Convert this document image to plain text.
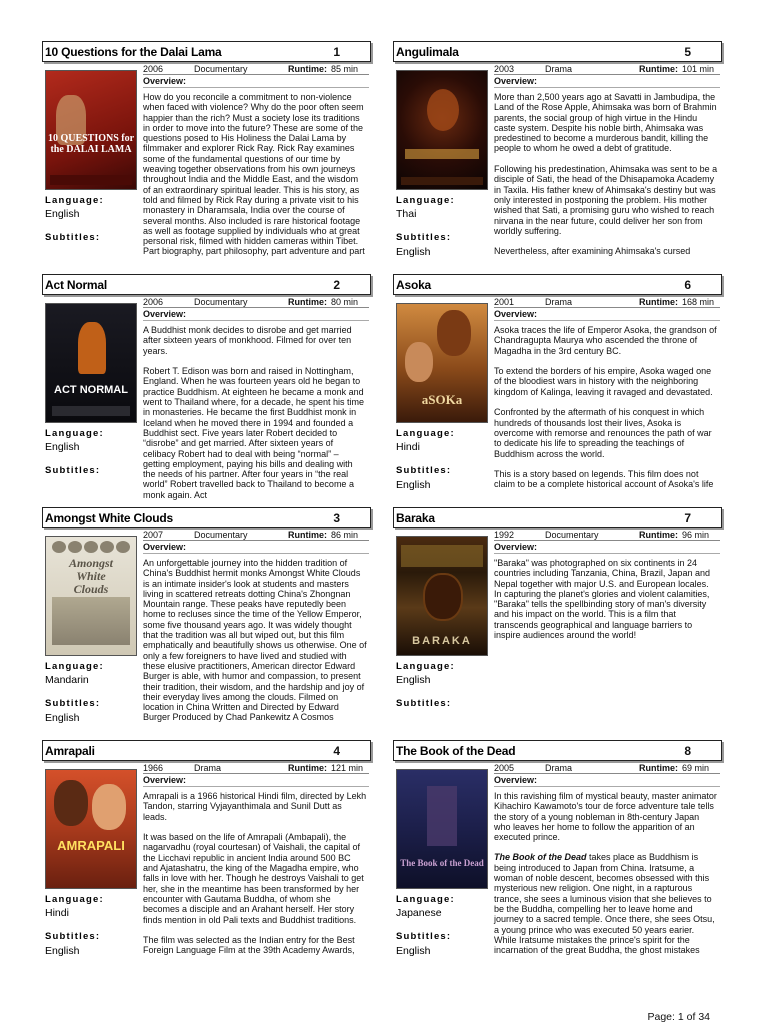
10 Questions for the Dalai Lama	1
10 QUESTIONS for the DALAI LAMA
2006	Documentary	Runtime: 85 min
Overview:
How do you reconcile a commitment to non-violence when faced with violence? Why do the poor often seem happier than the rich? Must a society lose its traditions in order to move into the future? These are some of the questions posed to His Holiness the Dalai Lama by filmmaker and explorer Rick Ray. Rick Ray examines some of the fundamental questions of our time by weaving together observations from his own journeys throughout India and the Middle East, and the wisdom of an extraordinary spiritual leader. This is his story, as told and filmed by Rick Ray during a private visit to his monastery in Dharamsala, India over the course of several months. Also included is rare historical footage as well as footage supplied by individuals who at great personal risk, filmed with hidden cameras within Tibet. Part biography, part philosophy, part adventure and part
Language:
English
Subtitles:
Angulimala	5
2003	Drama	Runtime: 101 min
Overview:
More than 2,500 years ago at Savatti in Jambudipa, the Land of the Rose Apple, Ahimsaka was born of Brahmin parents, the social group of high virtue in the Hindu caste system. Despite his noble birth, Ahimsaka was predestined to become a murderous bandit, killing the people to whom he owed a debt of gratitude.

Following his predestination, Ahimsaka was sent to be a disciple of Sati, the head of the Dhisapamoka Academy in Taxila. His father knew of Ahimsaka's destiny but was only interested in postponing the problem. His mother wished that Sati, a promising guru who wished to reach nirvana in the near future, could deliver her son from worldly suffering.

Nevertheless, after examining Ahimsaka's cursed
Language:
Thai
Subtitles:
English
Act Normal	2
ACT NORMAL
2006	Documentary	Runtime: 80 min
Overview:
A Buddhist monk decides to disrobe and get married after sixteen years of monkhood. Filmed for over ten years.

Robert T. Edison was born and raised in Nottingham, England. When he was fourteen years old he began to practice Buddhism. At eighteen he became a monk and went to Thailand where, for a decade, he spent his time in monasteries. He became the first Buddhist monk in Iceland when he moved there in 1994 and founded a Buddhist sect. Five years later Robert decided to “disrobe” and get married. After sixteen years of celibacy Robert had to deal with being “normal” – getting employment, paying his bills and dealing with the needs of his partner. After four years in “the real world” Robert travelled back to Thailand to become a monk again. Act
Language:
English
Subtitles:
Asoka	6
aSOKa
2001	Drama	Runtime: 168 min
Overview:
Asoka traces the life of Emperor Asoka, the grandson of Chandragupta Maurya who ascended the throne of Magadha in the 3rd century BC.

To extend the borders of his empire, Asoka waged one of the bloodiest wars in history with the neighboring kingdom of Kalinga, leaving it ravaged and devastated.

Confronted by the aftermath of his conquest in which hundreds of thousands lost their lives, Asoka is overcome with remorse and renounces the path of war to dedicate his life to spreading the teachings of Buddhism across the world.

This is a story based on legends. This film does not claim to be a complete historical account of Asoka's life
Language:
Hindi
Subtitles:
English
Amongst White Clouds	3
Amongst White Clouds
2007	Documentary	Runtime: 86 min
Overview:
An unforgettable journey into the hidden tradition of China's Buddhist hermit monks Amongst White Clouds is an intimate insider's look at students and masters living in scattered retreats dotting China's Zhongnan Mountain range. These peaks have reputedly been home to recluses since the time of the Yellow Emperor, some five thousand years ago. It was widely thought that the tradition was all but wiped out, but this film emphatically and beautifully shows us otherwise. One of only a few foreigners to have lived and studied with these elusive practitioners, American director Edward Burger is able, with humor and compassion, to present their tradition, their wisdom, and the hardship and joy of their everyday lives among the clouds. Filmed on location in China Written and Directed by Edward Burger Produced by Chad Pankewitz A Cosmos
Language:
Mandarin
Subtitles:
English
Baraka	7
BARAKA
1992	Documentary	Runtime: 96 min
Overview:
"Baraka" was photographed on six continents in 24 countries including Tanzania, China, Brazil, Japan and Nepal together with major U.S. and European locales. In capturing the planet's glories and violent calamities, "Baraka" tells the spellbinding story of man's diversity and his impact on the world. This is a film that transcends geographical and language barriers to inspire audiences around the world!
Language:
English
Subtitles:
Amrapali	4
AMRAPALI
1966	Drama	Runtime: 121 min
Overview:
Amrapali is a 1966 historical Hindi film, directed by Lekh Tandon, starring Vyjayanthimala and Sunil Dutt as leads.

It was based on the life of Amrapali (Ambapali), the nagarvadhu (royal courtesan) of Vaishali, the capital of the Licchavi republic in ancient India around 500 BC and Ajatashatru, the king of the Magadha empire, who falls in love with her. Though he destroys Vaishali to get her, she in the meantime has been transformed by her encounter with Gautama Buddha, of whom she becomes a disciple and an Arahant herself. Her story finds mention in old Pali texts and Buddhist traditions.

The film was selected as the Indian entry for the Best Foreign Language Film at the 39th Academy Awards,
Language:
Hindi
Subtitles:
English
The Book of the Dead	8
The Book of the Dead
2005	Drama	Runtime: 69 min
Overview:
In this ravishing film of mystical beauty, master animator Kihachiro Kawamoto's tour de force adventure tale tells the story of a young nobleman in 8th-century Japan who leaves her home to follow the apparition of an executed prince.
The Book of the Dead takes place as Buddhism is being introduced to Japan from China. Iratsume, a woman of noble descent, becomes obsessed with this mysterious new religion. One night, in a rapturous trance, she sees a luminous vision that she believes to be the Buddha, compelling her to leave home and journey to a sacred temple. Once there, she sees Otsu, a young prince who was executed 50 years earier. While Iratsume mistakes the prince's spirit for the incarnation of the great Buddha, the ghost mistakes
Language:
Japanese
Subtitles:
English
Page: 1 of 34
